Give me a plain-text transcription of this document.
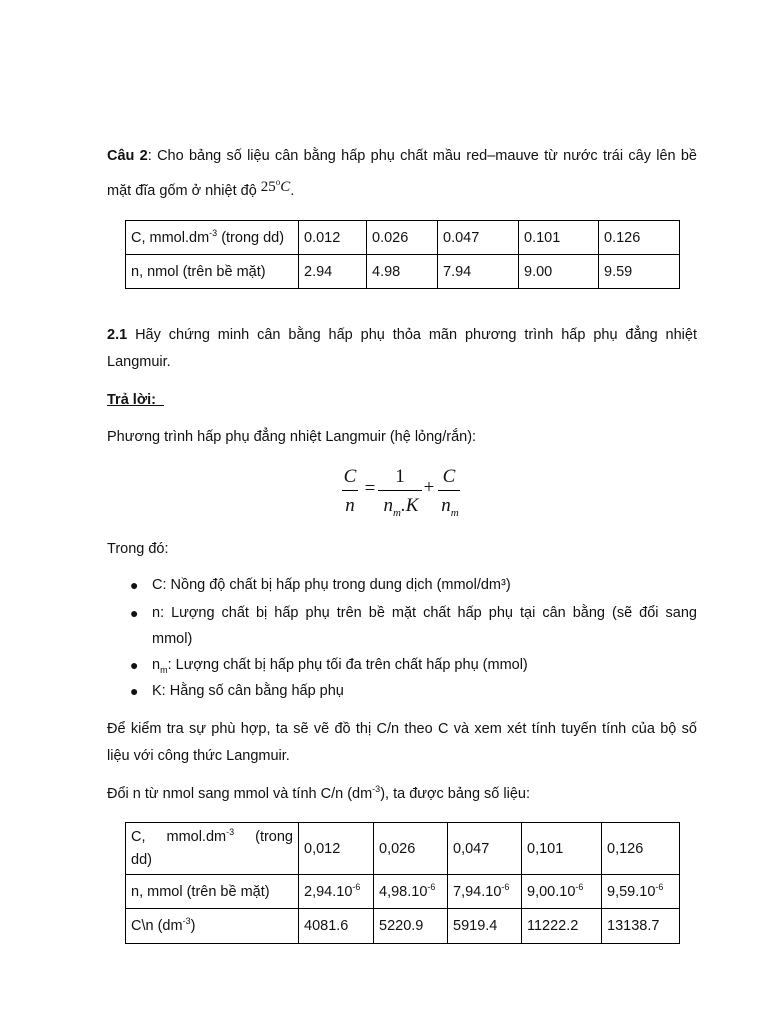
Câu 2: Cho bảng số liệu cân bằng hấp phụ chất mầu red–mauve từ nước trái cây lên bề
mặt đĩa gốm ở nhiệt độ 25$^o$C.
C, $mmol.dm^{-3}$ (trong dd)	0.012	0.026	0.047	0.101	0.126
n, nmol (trên bề mặt)	2.94	4.98	7.94	9.00	9.59
2.1 Hãy chứng minh cân bằng hấp phụ thỏa mãn phương trình hấp phụ đẳng nhiệt
Langmuir.
Trả lời:
Phương trình hấp phụ đẳng nhiệt Langmuir (hệ lỏng/rắn):
C
n
=
1
$n_m.K$
+
C
$n_m$
Trong đó:
● C: Nồng độ chất bị hấp phụ trong dung dịch (mmol/dm³)
● n: Lượng chất bị hấp phụ trên bề mặt chất hấp phụ tại cân bằng (sẽ đổi sang
mmol)
● $n_m$: Lượng chất bị hấp phụ tối đa trên chất hấp phụ (mmol)
● K: Hằng số cân bằng hấp phụ
Để kiểm tra sự phù hợp, ta sẽ vẽ đồ thị C/n theo C và xem xét tính tuyến tính của bộ số
liệu với công thức Langmuir.
Đổi n từ nmol sang mmol và tính C/n $(dm^{-3})$, ta được bảng số liệu:
C, $mmol.dm^{-3}$ (trong
dd)	0,012	0,026	0,047	0,101	0,126
n, mmol (trên bề mặt)	$2,94.10^{-6}$	$4,98.10^{-6}$	$7,94.10^{-6}$	$9,00.10^{-6}$	$9,59.10^{-6}$
C\n $(dm^{-3})$	4081.6	5220.9	5919.4	11222.2	13138.7
